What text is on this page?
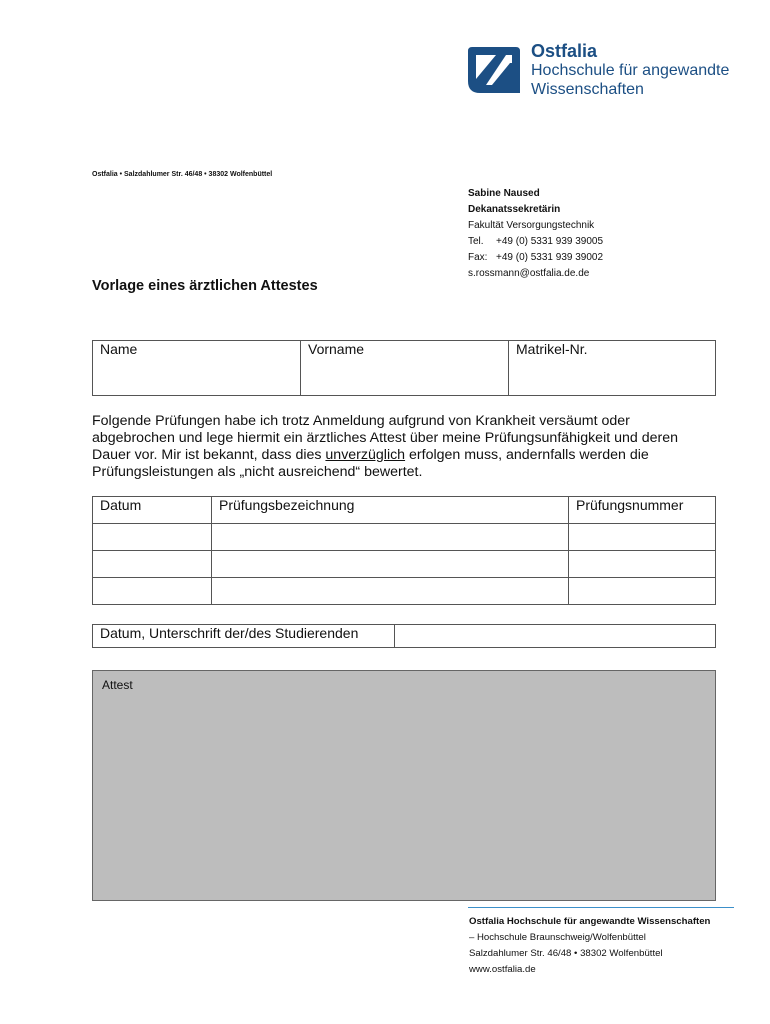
Ostfalia
Hochschule für angewandte
Wissenschaften
Ostfalia • Salzdahlumer Str. 46/48 • 38302 Wolfenbüttel
Sabine Naused
Dekanatssekretärin
Fakultät Versorgungstechnik
Tel. +49 (0) 5331 939 39005
Fax: +49 (0) 5331 939 39002
s.rossmann@ostfalia.de.de
Vorlage eines ärztlichen Attestes
Name	Vorname	Matrikel-Nr.
Folgende Prüfungen habe ich trotz Anmeldung aufgrund von Krankheit versäumt oder abgebrochen und lege hiermit ein ärztliches Attest über meine Prüfungsunfähigkeit und deren Dauer vor. Mir ist bekannt, dass dies unverzüglich erfolgen muss, andernfalls werden die Prüfungsleistungen als „nicht ausreichend“ bewertet.
Datum	Prüfungsbezeichnung	Prüfungsnummer

Datum, Unterschrift der/des Studierenden	
Attest
Ostfalia Hochschule für angewandte Wissenschaften
– Hochschule Braunschweig/Wolfenbüttel
Salzdahlumer Str. 46/48 • 38302 Wolfenbüttel
www.ostfalia.de
